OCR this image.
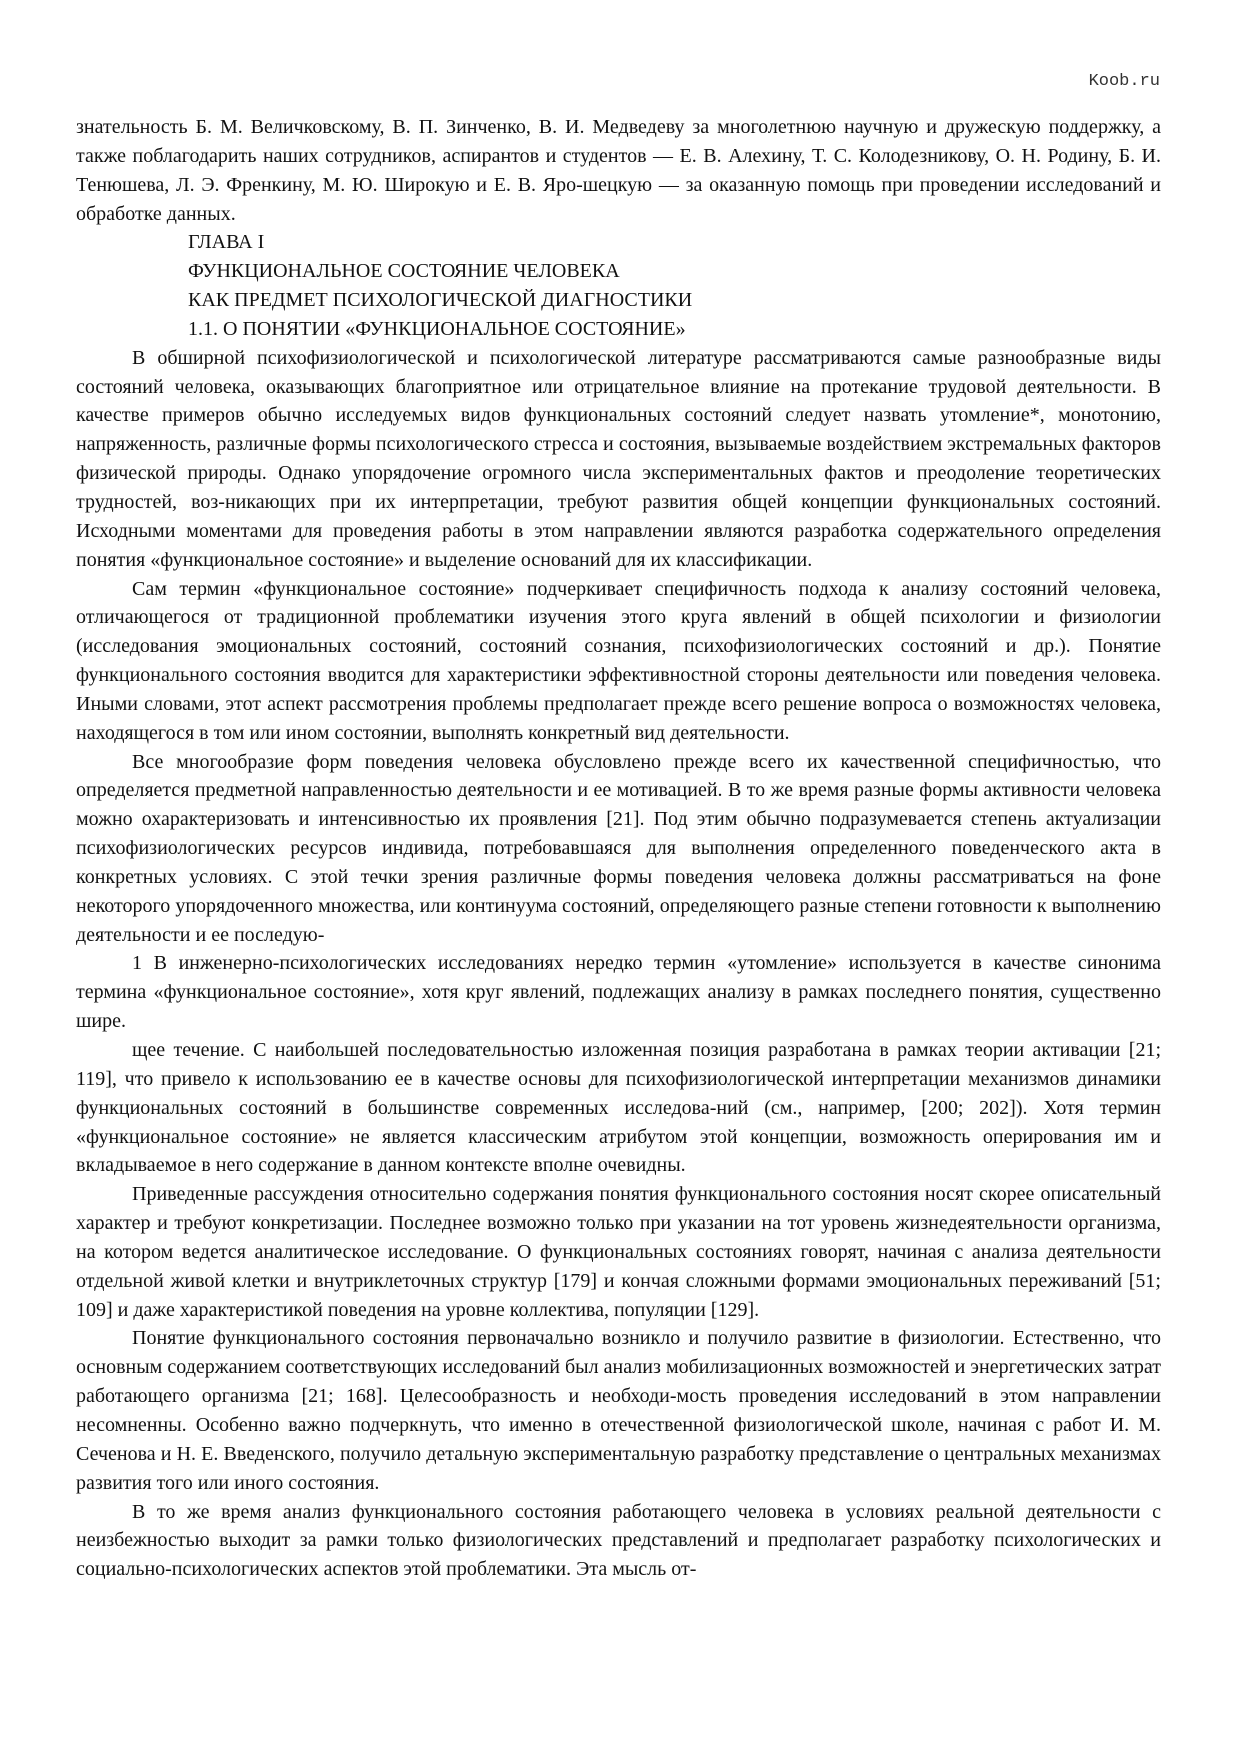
Koob.ru

знательность Б. М. Величковскому, В. П. Зинченко, В. И. Медведеву за многолетнюю научную и дружескую поддержку, а также поблагодарить наших сотрудников, аспирантов и студентов — Е. В. Алехину, Т. С. Колодезникову, О. Н. Родину, Б. И. Тенюшева, Л. Э. Френкину, М. Ю. Широкую и Е. В. Яро-шецкую — за оказанную помощь при проведении исследований и обработке данных.

ГЛАВА I

ФУНКЦИОНАЛЬНОЕ СОСТОЯНИЕ ЧЕЛОВЕКА

КАК ПРЕДМЕТ ПСИХОЛОГИЧЕСКОЙ ДИАГНОСТИКИ

1.1. О ПОНЯТИИ «ФУНКЦИОНАЛЬНОЕ СОСТОЯНИЕ»

В обширной психофизиологической и психологической литературе рассматриваются самые разнообразные виды состояний человека, оказывающих благоприятное или отрицательное влияние на протекание трудовой деятельности. В качестве примеров обычно исследуемых видов функциональных состояний следует назвать утомление*, монотонию, напряженность, различные формы психологического стресса и состояния, вызываемые воздействием экстремальных факторов физической природы. Однако упорядочение огромного числа экспериментальных фактов и преодоление теоретических трудностей, воз-никающих при их интерпретации, требуют развития общей концепции функциональных состояний. Исходными моментами для проведения работы в этом направлении являются разработка содержательного определения понятия «функциональное состояние» и выделение оснований для их классификации.

Сам термин «функциональное состояние» подчеркивает специфичность подхода к анализу состояний человека, отличающегося от традиционной проблематики изучения этого круга явлений в общей психологии и физиологии (исследования эмоциональных состояний, состояний сознания, психофизиологических состояний и др.). Понятие функционального состояния вводится для характеристики эффективностной стороны деятельности или поведения человека. Иными словами, этот аспект рассмотрения проблемы предполагает прежде всего решение вопроса о возможностях человека, находящегося в том или ином состоянии, выполнять конкретный вид деятельности.

Все многообразие форм поведения человека обусловлено прежде всего их качественной специфичностью, что определяется предметной направленностью деятельности и ее мотивацией. В то же время разные формы активности человека можно охарактеризовать и интенсивностью их проявления [21]. Под этим обычно подразумевается степень актуализации психофизиологических ресурсов индивида, потребовавшаяся для выполнения определенного поведенческого акта в конкретных условиях. С этой течки зрения различные формы поведения человека должны рассматриваться на фоне некоторого упорядоченного множества, или континуума состояний, определяющего разные степени готовности к выполнению деятельности и ее последую-

1 В инженерно-психологических исследованиях нередко термин «утомление» используется в качестве синонима термина «функциональное состояние», хотя круг явлений, подлежащих анализу в рамках последнего понятия, существенно шире.

щее течение. С наибольшей последовательностью изложенная позиция разработана в рамках теории активации [21; 119], что привело к использованию ее в качестве основы для психофизиологической интерпретации механизмов динамики функциональных состояний в большинстве современных исследова-ний (см., например, [200; 202]). Хотя термин «функциональное состояние» не является классическим атрибутом этой концепции, возможность оперирования им и вкладываемое в него содержание в данном контексте вполне очевидны.

Приведенные рассуждения относительно содержания понятия функционального состояния носят скорее описательный характер и требуют конкретизации. Последнее возможно только при указании на тот уровень жизнедеятельности организма, на котором ведется аналитическое исследование. О функциональных состояниях говорят, начиная с анализа деятельности отдельной живой клетки и внутриклеточных структур [179] и кончая сложными формами эмоциональных переживаний [51; 109] и даже характеристикой поведения на уровне коллектива, популяции [129].

Понятие функционального состояния первоначально возникло и получило развитие в физиологии. Естественно, что основным содержанием соответствующих исследований был анализ мобилизационных возможностей и энергетических затрат работающего организма [21; 168]. Целесообразность и необходи-мость проведения исследований в этом направлении несомненны. Особенно важно подчеркнуть, что именно в отечественной физиологической школе, начиная с работ И. М. Сеченова и Н. Е. Введенского, получило детальную экспериментальную разработку представление о центральных механизмах развития того или иного состояния.

В то же время анализ функционального состояния работающего человека в условиях реальной деятельности с неизбежностью выходит за рамки только физиологических представлений и предполагает разработку психологических и социально-психологических аспектов этой проблематики. Эта мысль от-
